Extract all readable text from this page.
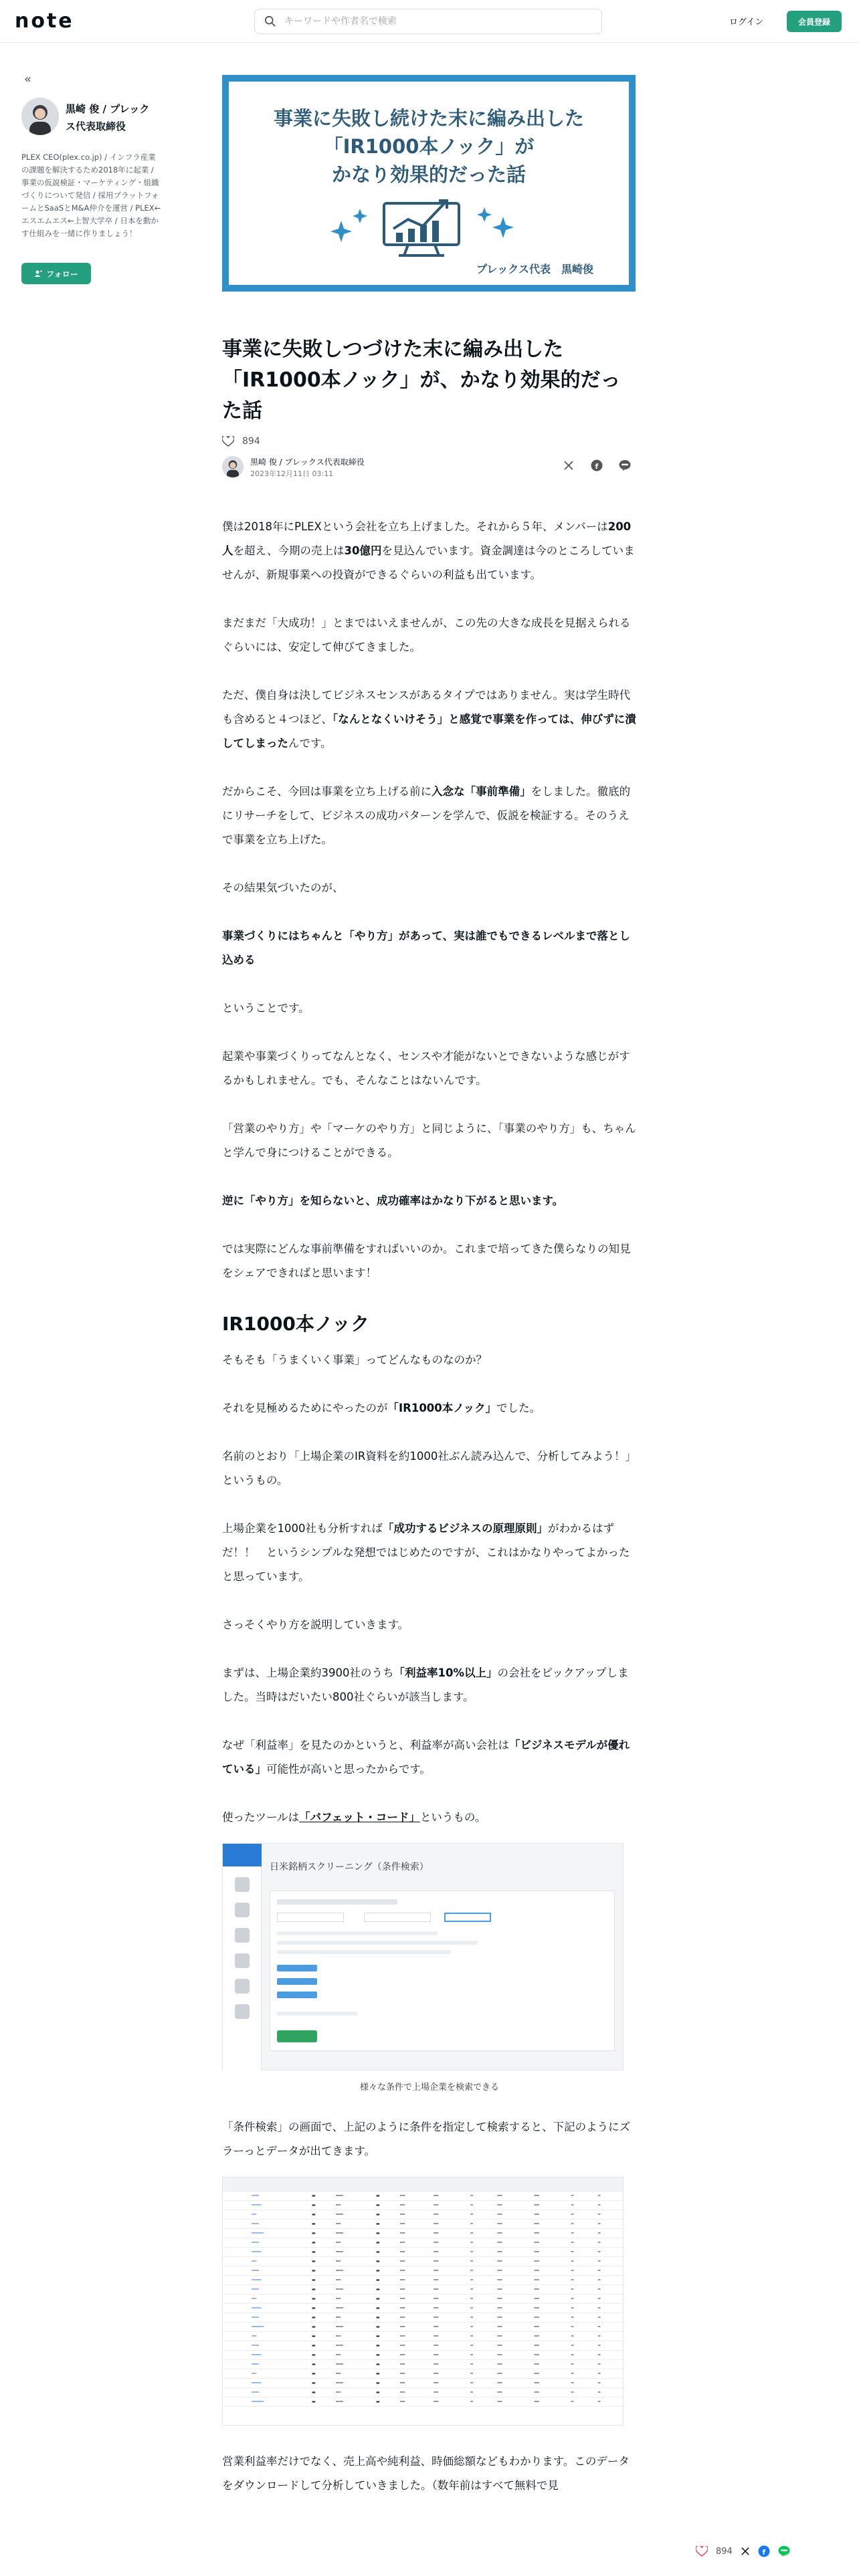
note
キーワードや作者名で検索	ログイン	会員登録
«
黒崎 俊 / プレックス代表取締役
PLEX CEO(plex.co.jp) / インフラ産業の課題を解決するため2018年に起業 / 事業の仮説検証・マーケティング・組織づくりについて発信 / 採用プラットフォームとSaaSとM&A仲介を運営 / PLEX←エスエムエス←上智大学卒 / 日本を動かす仕組みを一緒に作りましょう！
フォロー
事業に失敗し続けた末に編み出した
「IR1000本ノック」が
かなり効果的だった話
プレックス代表　黒崎俊
事業に失敗しつづけた末に編み出した「IR1000本ノック」が、かなり効果的だった話
894
黒崎 俊 / プレックス代表取締役
2023年12月11日 03:11
f

僕は2018年にPLEXという会社を立ち上げました。それから５年、メンバーは200人を超え、今期の売上は30億円を見込んでいます。資金調達は今のところしていませんが、新規事業への投資ができるぐらいの利益も出ています。

まだまだ「大成功！」とまではいえませんが、この先の大きな成長を見据えられるぐらいには、安定して伸びてきました。

ただ、僕自身は決してビジネスセンスがあるタイプではありません。実は学生時代も含めると４つほど、「なんとなくいけそう」と感覚で事業を作っては、伸びずに潰してしまったんです。

だからこそ、今回は事業を立ち上げる前に入念な「事前準備」をしました。徹底的にリサーチをして、ビジネスの成功パターンを学んで、仮説を検証する。そのうえで事業を立ち上げた。

その結果気づいたのが、

事業づくりにはちゃんと「やり方」があって、実は誰でもできるレベルまで落とし込める

ということです。

起業や事業づくりってなんとなく、センスや才能がないとできないような感じがするかもしれません。でも、そんなことはないんです。

「営業のやり方」や「マーケのやり方」と同じように、「事業のやり方」も、ちゃんと学んで身につけることができる。

逆に「やり方」を知らないと、成功確率はかなり下がると思います。

では実際にどんな事前準備をすればいいのか。これまで培ってきた僕らなりの知見をシェアできればと思います！

IR1000本ノック

そもそも「うまくいく事業」ってどんなものなのか？

それを見極めるためにやったのが「IR1000本ノック」でした。

名前のとおり「上場企業のIR資料を約1000社ぶん読み込んで、分析してみよう！」というもの。

上場企業を1000社も分析すれば「成功するビジネスの原理原則」がわかるはずだ！！　というシンプルな発想ではじめたのですが、これはかなりやってよかったと思っています。

さっそくやり方を説明していきます。

まずは、上場企業約3900社のうち「利益率10%以上」の会社をピックアップしました。当時はだいたい800社ぐらいが該当します。

なぜ「利益率」を見たのかというと、利益率が高い会社は「ビジネスモデルが優れている」可能性が高いと思ったからです。

使ったツールは「バフェット・コード」というもの。

日米銘柄スクリーニング（条件検索）
様々な条件で上場企業を検索できる

「条件検索」の画面で、上記のように条件を指定して検索すると、下記のようにズラーっとデータが出てきます。

	━━━	▬	━━━	▬	━━	━━	━	━━	━━	━	━
	━━━━	▬	━━	▬	━━	━━	━	━━	━━	━	━
	━━	▬	━━━	▬	━━	━━	━	━━	━━	━	━
	━━━	▬	━━	▬	━━	━━	━	━━	━━	━	━
	━━━━━	▬	━━━	▬	━━	━━	━	━━	━━	━	━
	━━━	▬	━━	▬	━━	━━	━	━━	━━	━	━
	━━━━	▬	━━━	▬	━━	━━	━	━━	━━	━	━
	━━	▬	━━	▬	━━	━━	━	━━	━━	━	━
	━━━	▬	━━━	▬	━━	━━	━	━━	━━	━	━
	━━━━	▬	━━	▬	━━	━━	━	━━	━━	━	━
	━━━	▬	━━━	▬	━━	━━	━	━━	━━	━	━
	━━	▬	━━	▬	━━	━━	━	━━	━━	━	━
	━━━━	▬	━━━	▬	━━	━━	━	━━	━━	━	━
	━━━	▬	━━	▬	━━	━━	━	━━	━━	━	━
	━━━━━	▬	━━━	▬	━━	━━	━	━━	━━	━	━
	━━	▬	━━	▬	━━	━━	━	━━	━━	━	━
	━━━	▬	━━━	▬	━━	━━	━	━━	━━	━	━
	━━━━	▬	━━	▬	━━	━━	━	━━	━━	━	━
	━━━	▬	━━━	▬	━━	━━	━	━━	━━	━	━
	━━	▬	━━	▬	━━	━━	━	━━	━━	━	━
	━━━━	▬	━━━	▬	━━	━━	━	━━	━━	━	━
	━━━	▬	━━	▬	━━	━━	━	━━	━━	━	━
	━━━━━	▬	━━━	▬	━━	━━	━	━━	━━	━	━

営業利益率だけでなく、売上高や純利益、時価総額などもわかります。このデータをダウンロードして分析していきました。（数年前はすべて無料で見

894	f
